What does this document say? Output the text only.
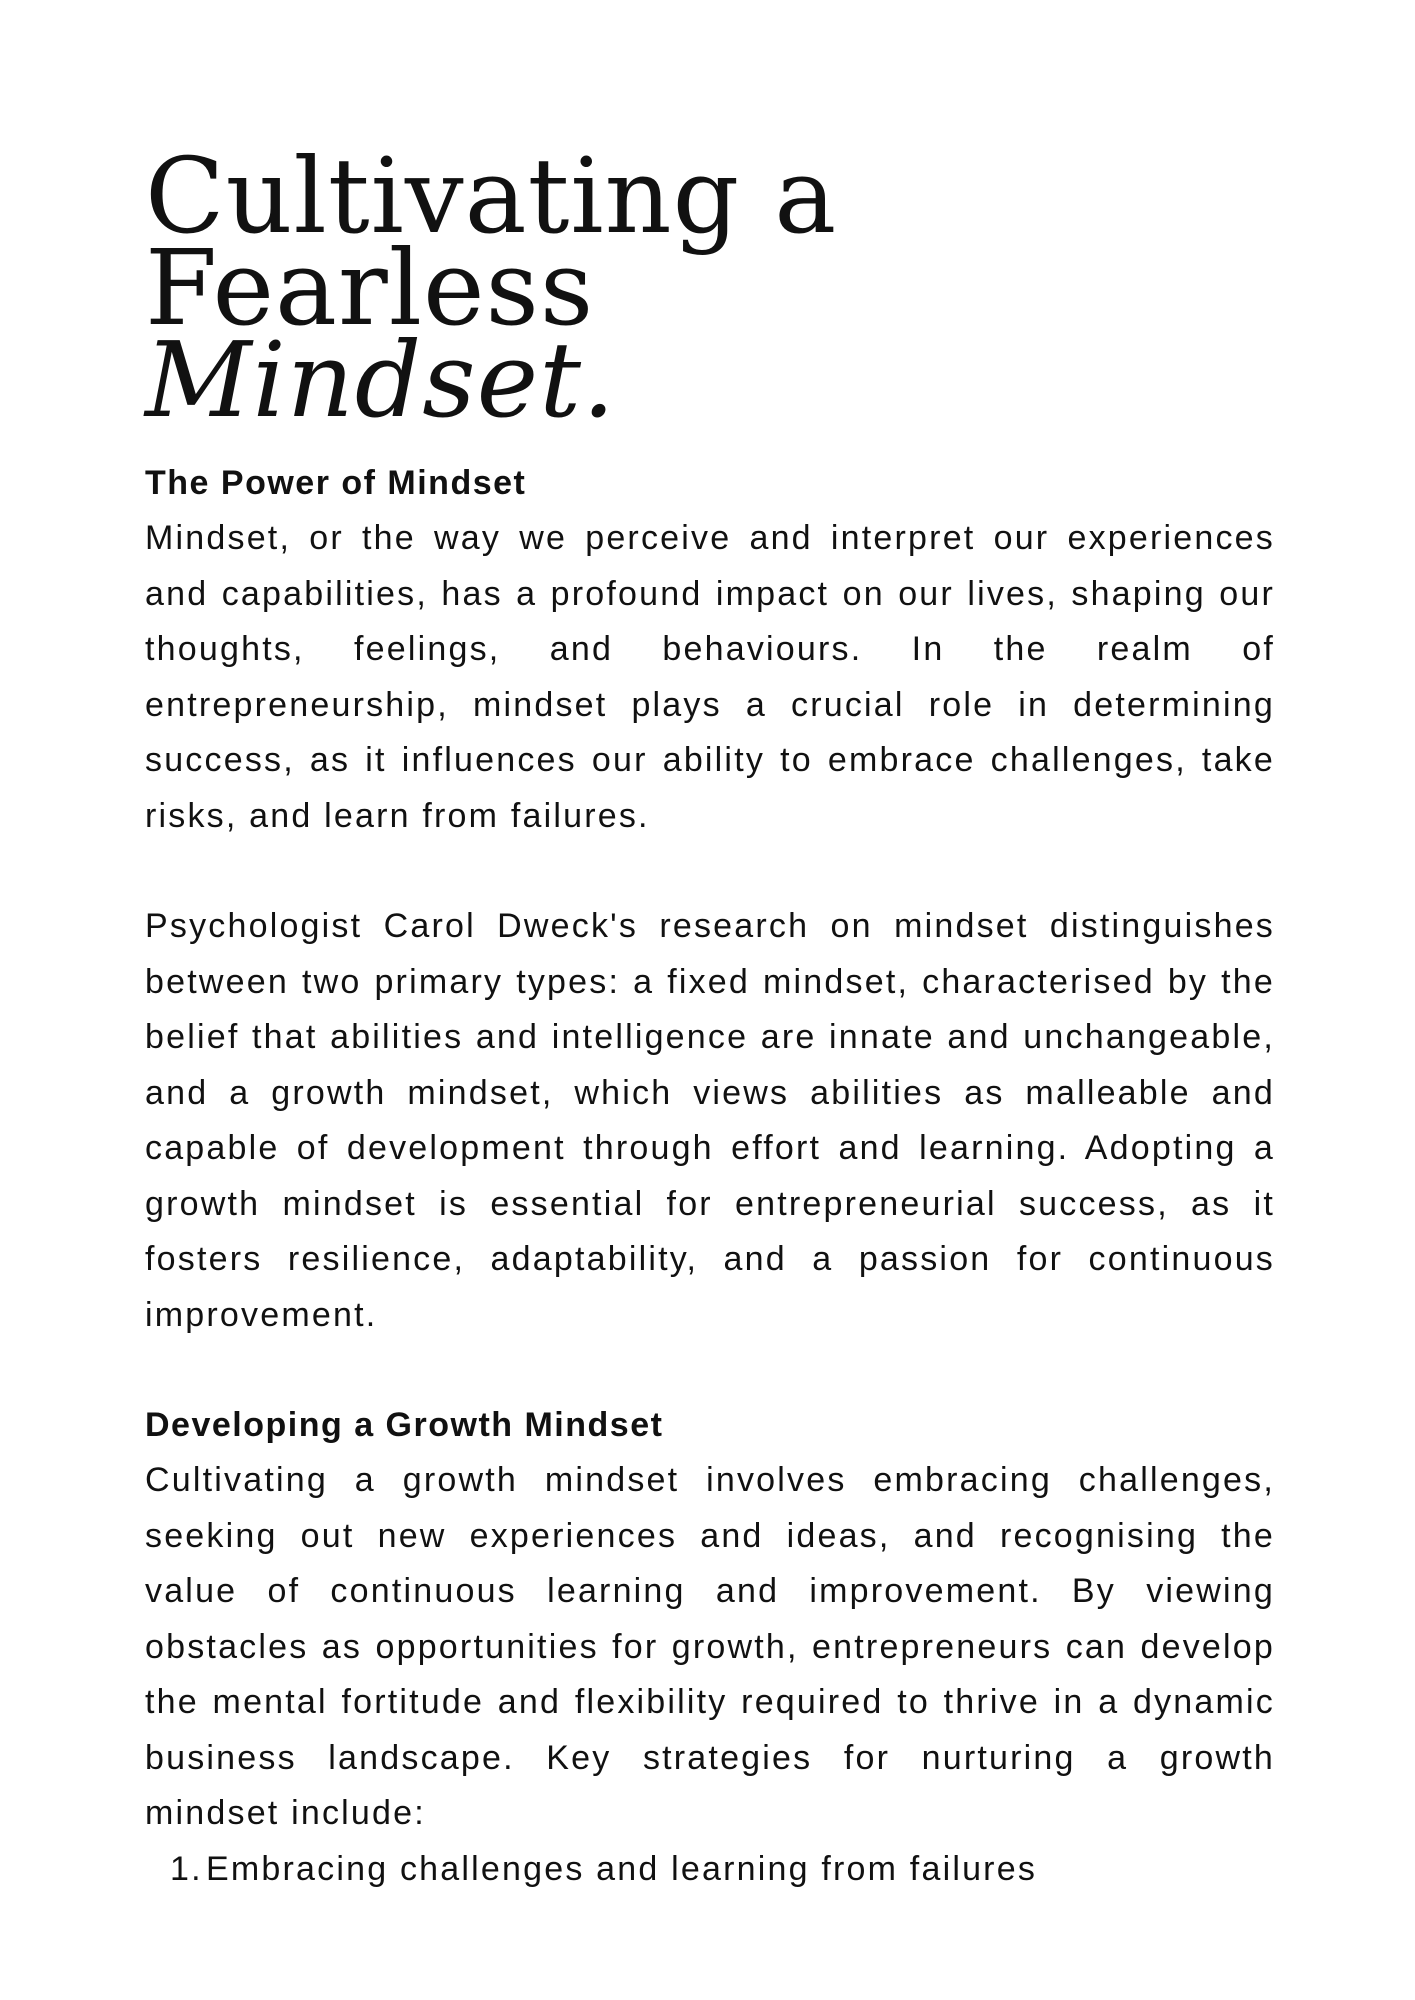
Cultivating a Fearless
Mindset.
The Power of Mindset

Mindset, or the way we perceive and interpret our experiences and capabilities, has a profound impact on our lives, shaping our thoughts, feelings, and behaviours. In the realm of entrepreneurship, mindset plays a crucial role in determining success, as it influences our ability to embrace challenges, take risks, and learn from failures.

Psychologist Carol Dweck's research on mindset distinguishes between two primary types: a fixed mindset, characterised by the belief that abilities and intelligence are innate and unchangeable, and a growth mindset, which views abilities as malleable and capable of development through effort and learning. Adopting a growth mindset is essential for entrepreneurial success, as it fosters resilience, adaptability, and a passion for continuous improvement.

Developing a Growth Mindset

Cultivating a growth mindset involves embracing challenges, seeking out new experiences and ideas, and recognising the value of continuous learning and improvement. By viewing obstacles as opportunities for growth, entrepreneurs can develop the mental fortitude and flexibility required to thrive in a dynamic business landscape. Key strategies for nurturing a growth mindset include:

1. Embracing challenges and learning from failures
